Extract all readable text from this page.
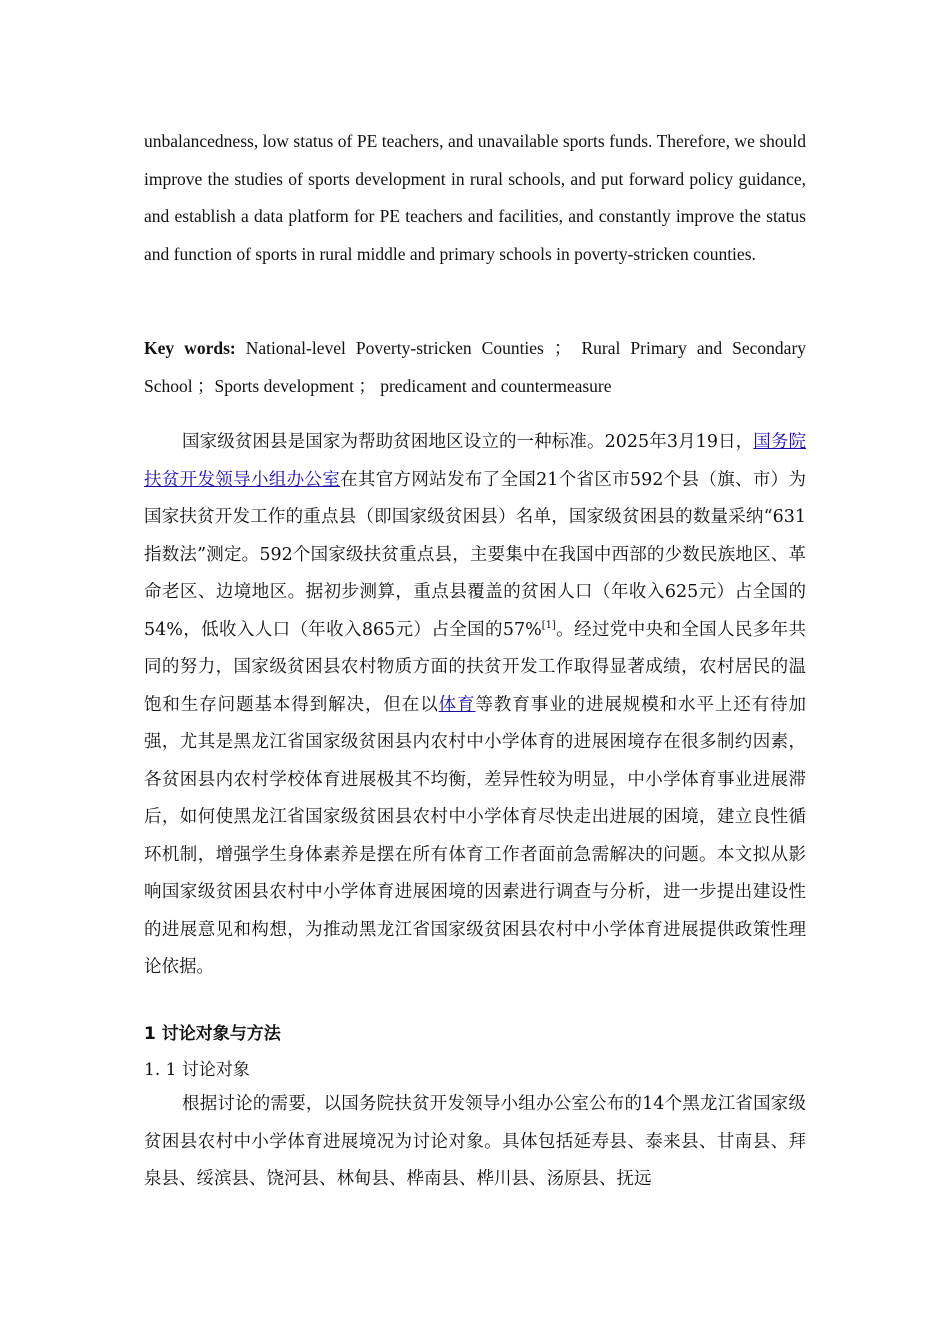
unbalancedness, low status of PE teachers, and unavailable sports funds. Therefore, we should improve the studies of sports development in rural schools, and put forward policy guidance, and establish a data platform for PE teachers and facilities, and constantly improve the status and function of sports in rural middle and primary schools in poverty-stricken counties.

Key words: National-level Poverty-stricken Counties ； Rural Primary and Secondary School ；Sports development ； predicament and countermeasure

国家级贫困县是国家为帮助贫困地区设立的一种标准。2025年3月19日，国务院扶贫开发领导小组办公室在其官方网站发布了全国21个省区市592个县（旗、市）为国家扶贫开发工作的重点县（即国家级贫困县）名单，国家级贫困县的数量采纳“631指数法”测定。592个国家级扶贫重点县，主要集中在我国中西部的少数民族地区、革命老区、边境地区。据初步测算，重点县覆盖的贫困人口（年收入625元）占全国的54%，低收入人口（年收入865元）占全国的57%[1]。经过党中央和全国人民多年共同的努力，国家级贫困县农村物质方面的扶贫开发工作取得显著成绩，农村居民的温饱和生存问题基本得到解决，但在以体育等教育事业的进展规模和水平上还有待加强，尤其是黑龙江省国家级贫困县内农村中小学体育的进展困境存在很多制约因素，各贫困县内农村学校体育进展极其不均衡，差异性较为明显，中小学体育事业进展滞后，如何使黑龙江省国家级贫困县农村中小学体育尽快走出进展的困境，建立良性循环机制，增强学生身体素养是摆在所有体育工作者面前急需解决的问题。本文拟从影响国家级贫困县农村中小学体育进展困境的因素进行调查与分析，进一步提出建设性的进展意见和构想，为推动黑龙江省国家级贫困县农村中小学体育进展提供政策性理论依据。

1 讨论对象与方法
1. 1 讨论对象

根据讨论的需要，以国务院扶贫开发领导小组办公室公布的14个黑龙江省国家级贫困县农村中小学体育进展境况为讨论对象。具体包括延寿县、泰来县、甘南县、拜泉县、绥滨县、饶河县、林甸县、桦南县、桦川县、汤原县、抚远
